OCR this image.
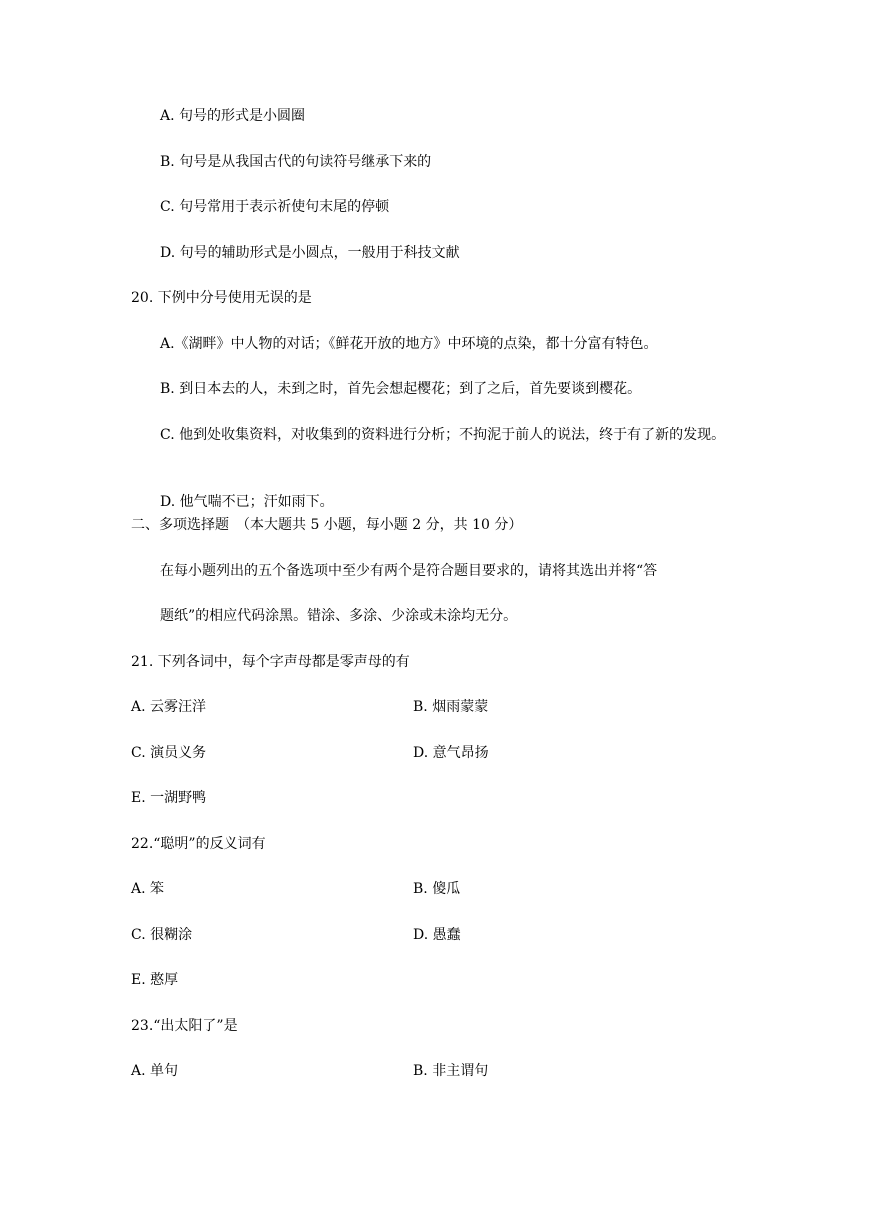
A. 句号的形式是小圆圈
B. 句号是从我国古代的句读符号继承下来的
C. 句号常用于表示祈使句末尾的停顿
D. 句号的辅助形式是小圆点，一般用于科技文献
20. 下例中分号使用无误的是
A.《湖畔》中人物的对话；《鲜花开放的地方》中环境的点染，都十分富有特色。
B. 到日本去的人，未到之时，首先会想起樱花；到了之后，首先要谈到樱花。
C. 他到处收集资料，对收集到的资料进行分析；不拘泥于前人的说法，终于有了新的发现。
D. 他气喘不已；汗如雨下。
二、多项选择题　（本大题共 5 小题，每小题 2 分，共 10 分）
在每小题列出的五个备选项中至少有两个是符合题目要求的，请将其选出并将“答
题纸”的相应代码涂黑。错涂、多涂、少涂或未涂均无分。
21. 下列各词中，每个字声母都是零声母的有
A. 云雾汪洋	B. 烟雨蒙蒙
C. 演员义务	D. 意气昂扬
E. 一湖野鸭
22.“聪明”的反义词有
A. 笨	B. 傻瓜
C. 很糊涂	D. 愚蠢
E. 憨厚
23.“出太阳了”是
A. 单句	B. 非主谓句
